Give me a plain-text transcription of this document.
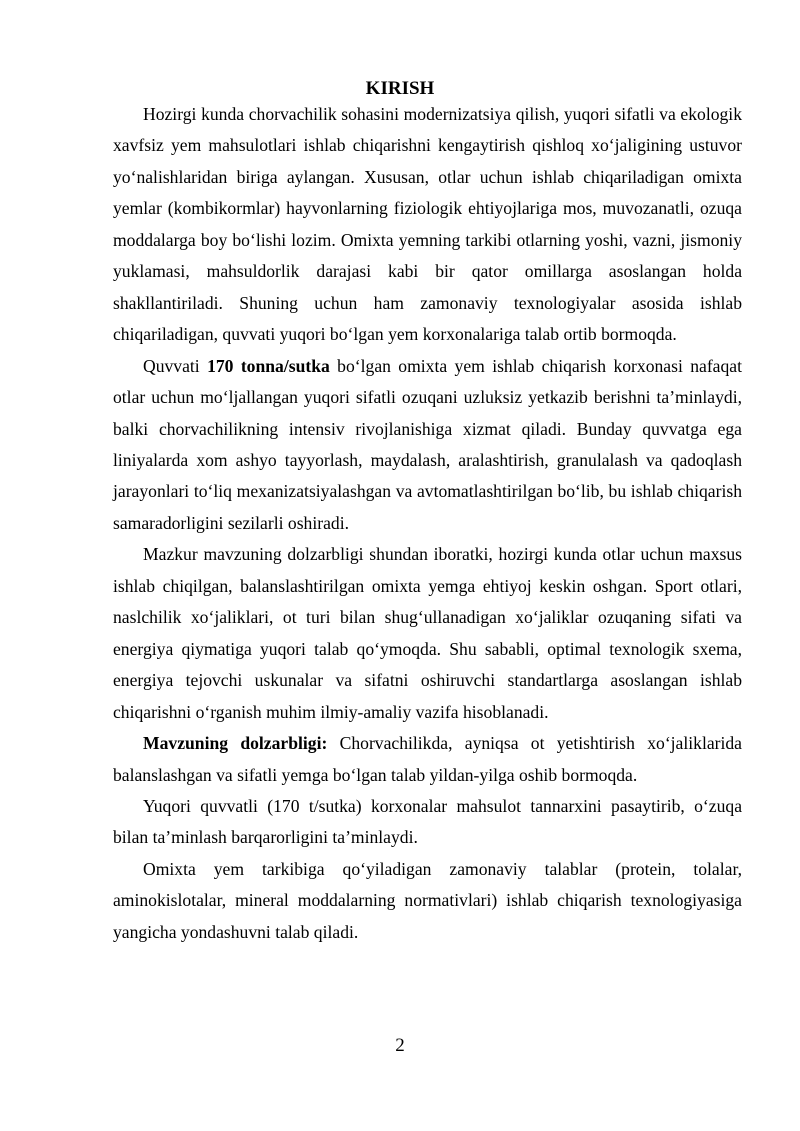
KIRISH

Hozirgi kunda chorvachilik sohasini modernizatsiya qilish, yuqori sifatli va ekologik xavfsiz yem mahsulotlari ishlab chiqarishni kengaytirish qishloq xo‘jaligining ustuvor yo‘nalishlaridan biriga aylangan. Xususan, otlar uchun ishlab chiqariladigan omixta yemlar (kombikormlar) hayvonlarning fiziologik ehtiyojlariga mos, muvozanatli, ozuqa moddalarga boy bo‘lishi lozim. Omixta yemning tarkibi otlarning yoshi, vazni, jismoniy yuklamasi, mahsuldorlik darajasi kabi bir qator omillarga asoslangan holda shakllantiriladi. Shuning uchun ham zamonaviy texnologiyalar asosida ishlab chiqariladigan, quvvati yuqori bo‘lgan yem korxonalariga talab ortib bormoqda.

Quvvati 170 tonna/sutka bo‘lgan omixta yem ishlab chiqarish korxonasi nafaqat otlar uchun mo‘ljallangan yuqori sifatli ozuqani uzluksiz yetkazib berishni ta’minlaydi, balki chorvachilikning intensiv rivojlanishiga xizmat qiladi. Bunday quvvatga ega liniyalarda xom ashyo tayyorlash, maydalash, aralashtirish, granulalash va qadoqlash jarayonlari to‘liq mexanizatsiyalashgan va avtomatlashtirilgan bo‘lib, bu ishlab chiqarish samaradorligini sezilarli oshiradi.

Mazkur mavzuning dolzarbligi shundan iboratki, hozirgi kunda otlar uchun maxsus ishlab chiqilgan, balanslashtirilgan omixta yemga ehtiyoj keskin oshgan. Sport otlari, naslchilik xo‘jaliklari, ot turi bilan shug‘ullanadigan xo‘jaliklar ozuqaning sifati va energiya qiymatiga yuqori talab qo‘ymoqda. Shu sababli, optimal texnologik sxema, energiya tejovchi uskunalar va sifatni oshiruvchi standartlarga asoslangan ishlab chiqarishni o‘rganish muhim ilmiy-amaliy vazifa hisoblanadi.

Mavzuning dolzarbligi: Chorvachilikda, ayniqsa ot yetishtirish xo‘jaliklarida balanslashgan va sifatli yemga bo‘lgan talab yildan-yilga oshib bormoqda.

Yuqori quvvatli (170 t/sutka) korxonalar mahsulot tannarxini pasaytirib, o‘zuqa bilan ta’minlash barqarorligini ta’minlaydi.

Omixta yem tarkibiga qo‘yiladigan zamonaviy talablar (protein, tolalar, aminokislotalar, mineral moddalarning normativlari) ishlab chiqarish texnologiyasiga yangicha yondashuvni talab qiladi.

2
